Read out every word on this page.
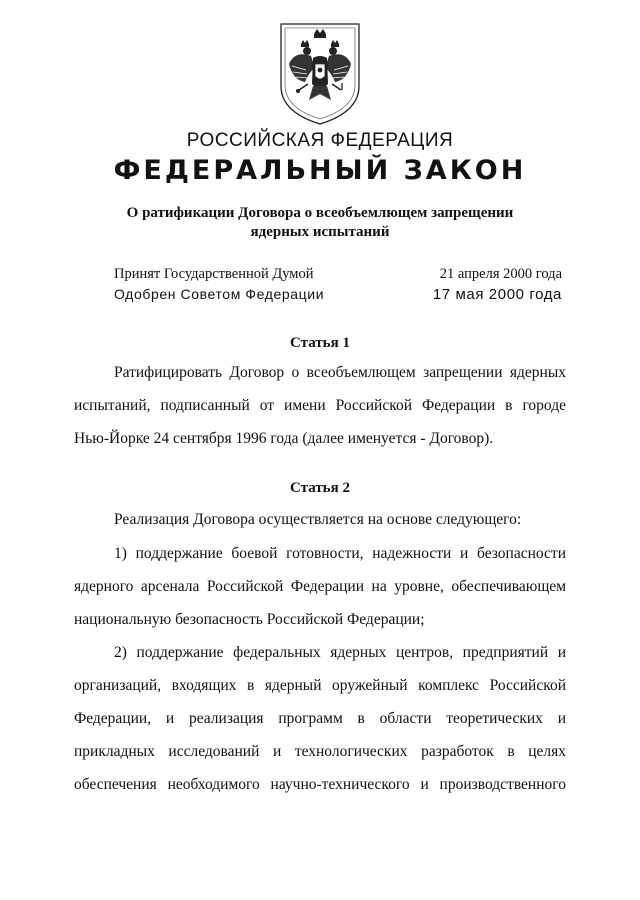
РОССИЙСКАЯ ФЕДЕРАЦИЯ
ФЕДЕРАЛЬНЫЙ ЗАКОН
О ратификации Договора о всеобъемлющем запрещении
ядерных испытаний
Принят Государственной Думой	21 апреля 2000 года
Одобрен Советом Федерации	17 мая 2000 года
Статья 1
Ратифицировать Договор о всеобъемлющем запрещении ядерных
испытаний, подписанный от имени Российской Федерации в городе
Нью-Йорке 24 сентября 1996 года (далее именуется - Договор).
Статья 2
Реализация Договора осуществляется на основе следующего:
1) поддержание боевой готовности, надежности и безопасности
ядерного арсенала Российской Федерации на уровне, обеспечивающем
национальную безопасность Российской Федерации;
2) поддержание федеральных ядерных центров, предприятий и
организаций, входящих в ядерный оружейный комплекс Российской
Федерации, и реализация программ в области теоретических и
прикладных исследований и технологических разработок в целях
обеспечения необходимого научно-технического и производственного
